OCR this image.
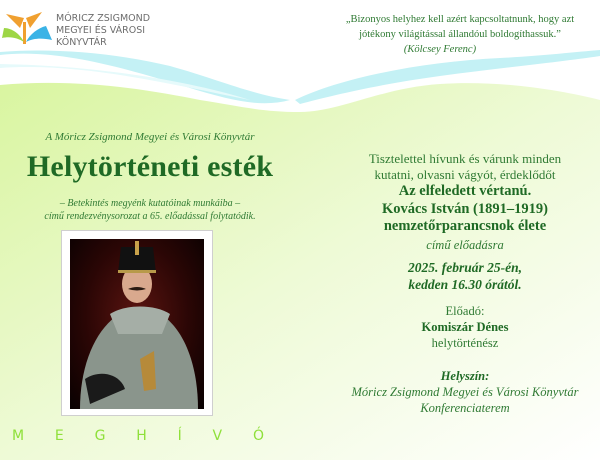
MÓRICZ ZSIGMOND
MEGYEI ÉS VÁROSI
KÖNYVTÁR
„Bizonyos helyhez kell azért kapcsoltatnunk, hogy azt
jótékony világítással állandóul boldogíthassuk.”
(Kölcsey Ferenc)
A Móricz Zsigmond Megyei és Városi Könyvtár
Helytörténeti esték
– Betekintés megyénk kutatóinak munkáiba –
című rendezvénysorozat a 65. előadással folytatódik.
M E G H Í V Ó
Tisztelettel hívunk és várunk minden
kutatni, olvasni vágyót, érdeklődőt
Az elfeledett vértanú.
Kovács István (1891–1919)
nemzetőrparancsnok élete
című előadásra
2025. február 25-én,
kedden 16.30 órától.
Előadó:
Komiszár Dénes
helytörténész
Helyszín:
Móricz Zsigmond Megyei és Városi Könyvtár
Konferenciaterem
